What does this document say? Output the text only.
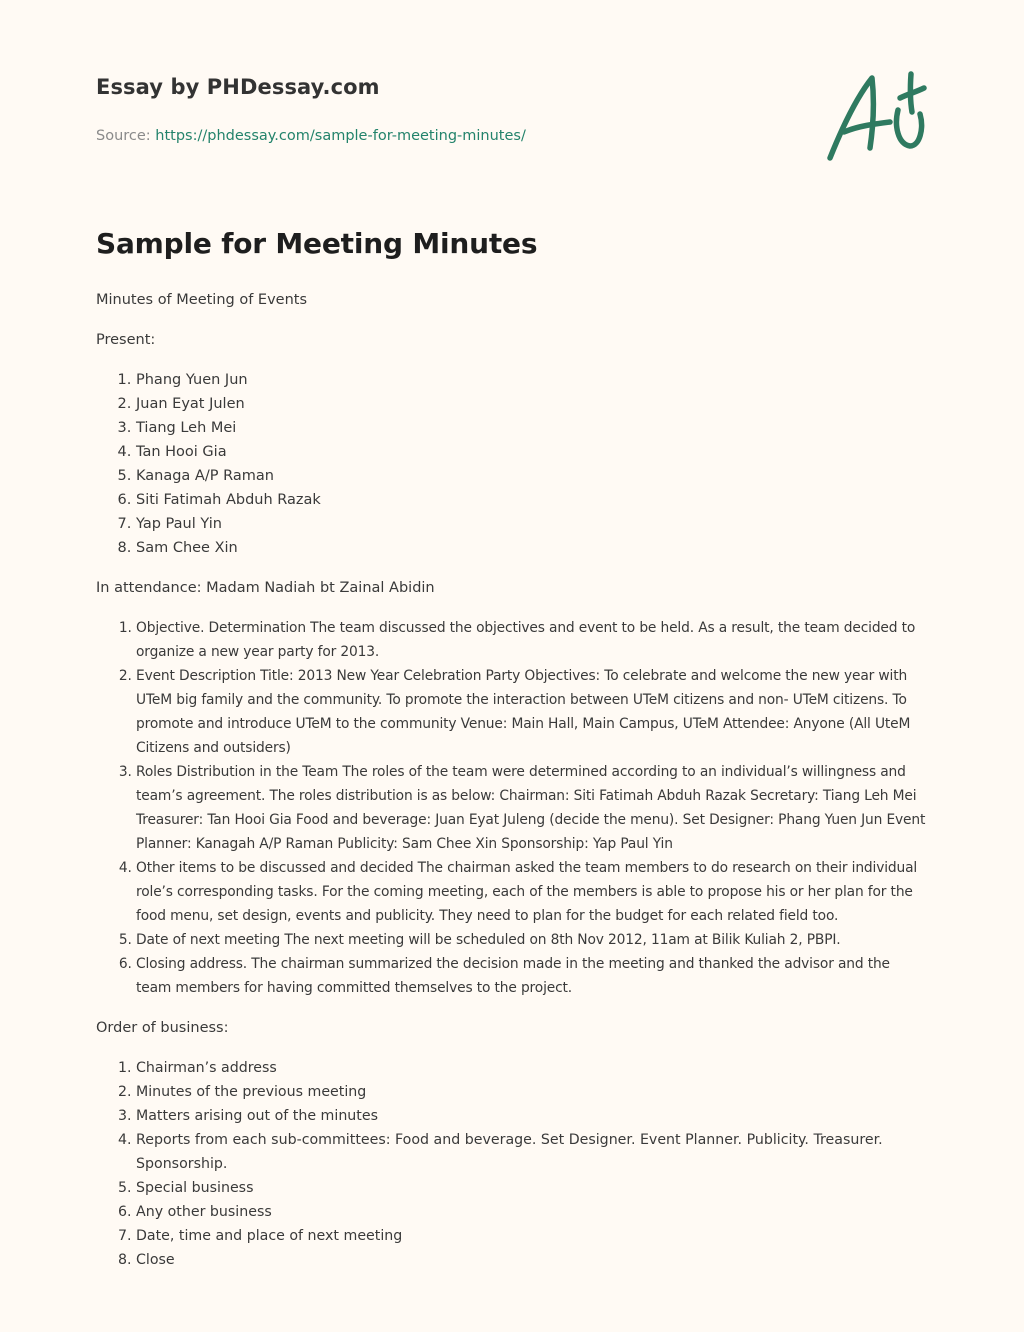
Essay by PHDessay.com

Source: https://phdessay.com/sample-for-meeting-minutes/

Sample for Meeting Minutes

Minutes of Meeting of Events

Present:

1. Phang Yuen Jun
2. Juan Eyat Julen
3. Tiang Leh Mei
4. Tan Hooi Gia
5. Kanaga A/P Raman
6. Siti Fatimah Abduh Razak
7. Yap Paul Yin
8. Sam Chee Xin

In attendance: Madam Nadiah bt Zainal Abidin

1. Objective. Determination The team discussed the objectives and event to be held. As a result, the team decided to organize a new year party for 2013.
2. Event Description Title: 2013 New Year Celebration Party Objectives: To celebrate and welcome the new year with UTeM big family and the community. To promote the interaction between UTeM citizens and non- UTeM citizens. To promote and introduce UTeM to the community Venue: Main Hall, Main Campus, UTeM Attendee: Anyone (All UteM Citizens and outsiders)
3. Roles Distribution in the Team The roles of the team were determined according to an individual’s willingness and team’s agreement. The roles distribution is as below: Chairman: Siti Fatimah Abduh Razak Secretary: Tiang Leh Mei Treasurer: Tan Hooi Gia Food and beverage: Juan Eyat Juleng (decide the menu). Set Designer: Phang Yuen Jun Event Planner: Kanagah A/P Raman Publicity: Sam Chee Xin Sponsorship: Yap Paul Yin
4. Other items to be discussed and decided The chairman asked the team members to do research on their individual role’s corresponding tasks. For the coming meeting, each of the members is able to propose his or her plan for the food menu, set design, events and publicity. They need to plan for the budget for each related field too.
5. Date of next meeting The next meeting will be scheduled on 8th Nov 2012, 11am at Bilik Kuliah 2, PBPI.
6. Closing address. The chairman summarized the decision made in the meeting and thanked the advisor and the team members for having committed themselves to the project.

Order of business:

1. Chairman’s address
2. Minutes of the previous meeting
3. Matters arising out of the minutes
4. Reports from each sub-committees: Food and beverage. Set Designer. Event Planner. Publicity. Treasurer. Sponsorship.
5. Special business
6. Any other business
7. Date, time and place of next meeting
8. Close
